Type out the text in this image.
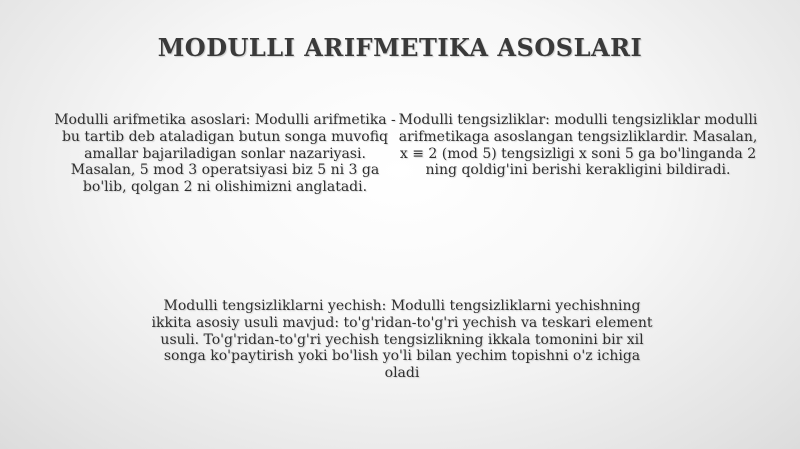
MODULLI ARIFMETIKA ASOSLARI

Modulli arifmetika asoslari: Modulli arifmetika - bu tartib deb ataladigan butun songa muvofiq amallar bajariladigan sonlar nazariyasi. Masalan, 5 mod 3 operatsiyasi biz 5 ni 3 ga bo'lib, qolgan 2 ni olishimizni anglatadi.

Modulli tengsizliklar: modulli tengsizliklar modulli arifmetikaga asoslangan tengsizliklardir. Masalan, x ≡ 2 (mod 5) tengsizligi x soni 5 ga bo'linganda 2 ning qoldig'ini berishi kerakligini bildiradi.

Modulli tengsizliklarni yechish: Modulli tengsizliklarni yechishning ikkita asosiy usuli mavjud: to'g'ridan-to'g'ri yechish va teskari element usuli. To'g'ridan-to'g'ri yechish tengsizlikning ikkala tomonini bir xil songa ko'paytirish yoki bo'lish yo'li bilan yechim topishni o'z ichiga oladi
